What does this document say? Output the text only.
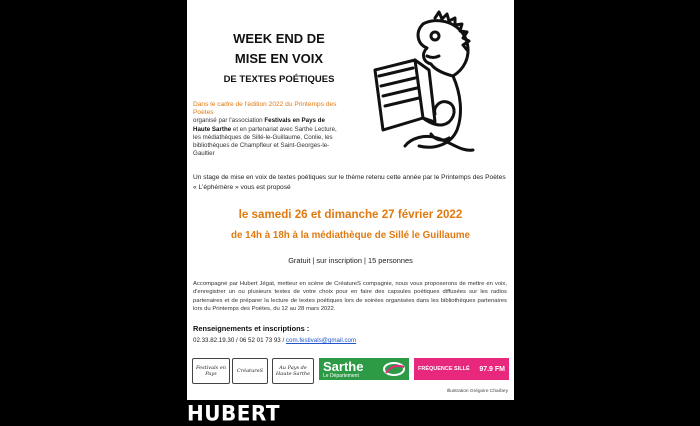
WEEK END DE
MISE EN VOIX
DE TEXTES POÉTIQUES
Dans le cadre de l'édition 2022 du Printemps des Poètes
organisé par l'association Festivals en Pays de Haute Sarthe et en partenariat avec Sarthe Lecture, les médiathèques de Sillé-le-Guillaume, Conlie, les bibliothèques de Champfleur et Saint-Georges-le-Gaultier
Un stage de mise en voix de textes poétiques sur le thème retenu cette année par le Printemps des Poètes « L'éphémère » vous est proposé
le samedi 26 et dimanche 27 février 2022
de 14h à 18h à la médiathèque de Sillé le Guillaume
Gratuit | sur inscription | 15 personnes
Accompagné par Hubert Jégat, metteur en scène de CréatureS compagnie, nous vous proposerons de mettre en voix, d'enregistrer un ou plusieurs textes de votre choix pour en faire des capsules poétiques diffusées sur les radios partenaires et de préparer la lecture de textes poétiques lors de soirées organisées dans les bibliothèques partenaires lors du Printemps des Poètes, du 12 au 28 mars 2022.
Renseignements et inscriptions :
02.33.82.19.30 / 06 52 01 73 93 / com.festivals@gmail.com
Festivals en Pays	CréatureS	Au Pays de Haute-Sarthe
Sarthe
Le Département
FRÉQUENCE SILLÉ 97.9 FM
Illustration Grégoire Charbey
HUBERT
